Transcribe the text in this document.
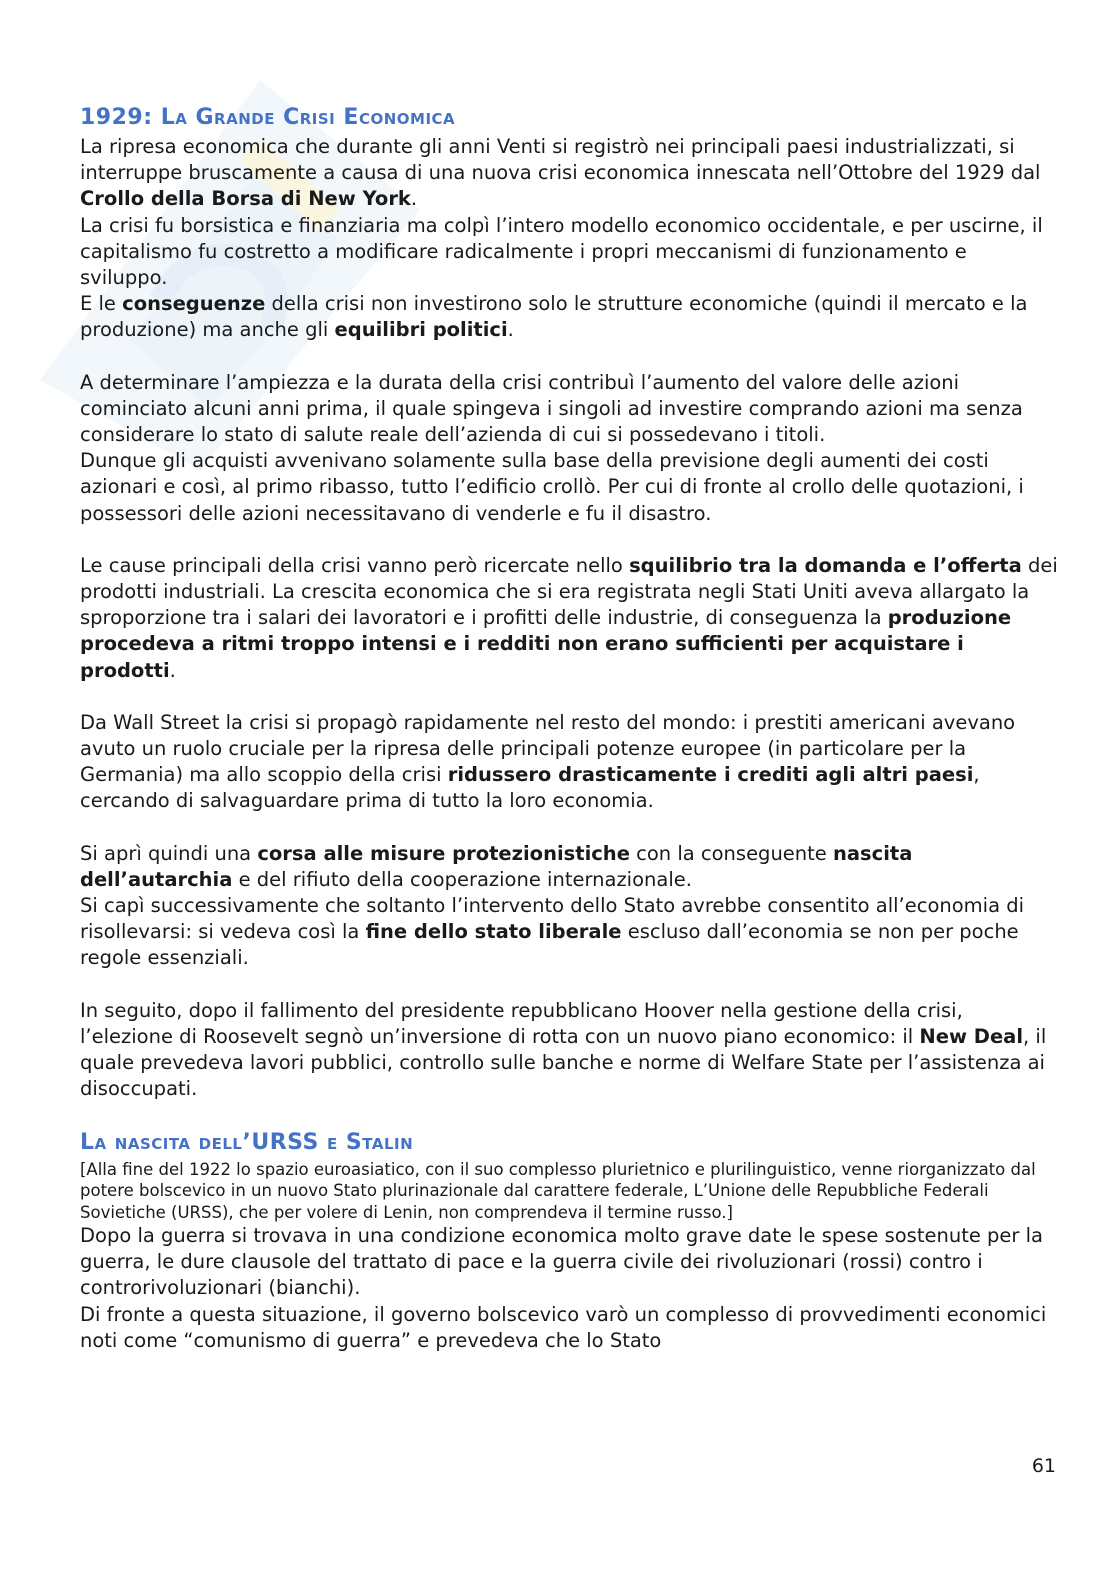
1929: La Grande Crisi Economica

La ripresa economica che durante gli anni Venti si registrò nei principali paesi industrializzati, si interruppe bruscamente a causa di una nuova crisi economica innescata nell’Ottobre del 1929 dal Crollo della Borsa di New York.

La crisi fu borsistica e finanziaria ma colpì l’intero modello economico occidentale, e per uscirne, il capitalismo fu costretto a modificare radicalmente i propri meccanismi di funzionamento e sviluppo.

E le conseguenze della crisi non investirono solo le strutture economiche (quindi il mercato e la produzione) ma anche gli equilibri politici.

A determinare l’ampiezza e la durata della crisi contribuì l’aumento del valore delle azioni cominciato alcuni anni prima, il quale spingeva i singoli ad investire comprando azioni ma senza considerare lo stato di salute reale dell’azienda di cui si possedevano i titoli.

Dunque gli acquisti avvenivano solamente sulla base della previsione degli aumenti dei costi azionari e così, al primo ribasso, tutto l’edificio crollò. Per cui di fronte al crollo delle quotazioni, i possessori delle azioni necessitavano di venderle e fu il disastro.

Le cause principali della crisi vanno però ricercate nello squilibrio tra la domanda e l’offerta dei prodotti industriali. La crescita economica che si era registrata negli Stati Uniti aveva allargato la sproporzione tra i salari dei lavoratori e i profitti delle industrie, di conseguenza la produzione procedeva a ritmi troppo intensi e i redditi non erano sufficienti per acquistare i prodotti.

Da Wall Street la crisi si propagò rapidamente nel resto del mondo: i prestiti americani avevano avuto un ruolo cruciale per la ripresa delle principali potenze europee (in particolare per la Germania) ma allo scoppio della crisi ridussero drasticamente i crediti agli altri paesi, cercando di salvaguardare prima di tutto la loro economia.

Si aprì quindi una corsa alle misure protezionistiche con la conseguente nascita dell’autarchia e del rifiuto della cooperazione internazionale.

Si capì successivamente che soltanto l’intervento dello Stato avrebbe consentito all’economia di risollevarsi: si vedeva così la fine dello stato liberale escluso dall’economia se non per poche regole essenziali.

In seguito, dopo il fallimento del presidente repubblicano Hoover nella gestione della crisi, l’elezione di Roosevelt segnò un’inversione di rotta con un nuovo piano economico: il New Deal, il quale prevedeva lavori pubblici, controllo sulle banche e norme di Welfare State per l’assistenza ai disoccupati.

La nascita dell’URSS e Stalin

[Alla fine del 1922 lo spazio euroasiatico, con il suo complesso plurietnico e plurilinguistico, venne riorganizzato dal potere bolscevico in un nuovo Stato plurinazionale dal carattere federale, L’Unione delle Repubbliche Federali Sovietiche (URSS), che per volere di Lenin, non comprendeva il termine russo.]

Dopo la guerra si trovava in una condizione economica molto grave date le spese sostenute per la guerra, le dure clausole del trattato di pace e la guerra civile dei rivoluzionari (rossi) contro i controrivoluzionari (bianchi).

Di fronte a questa situazione, il governo bolscevico varò un complesso di provvedimenti economici noti come “comunismo di guerra” e prevedeva che lo Stato

61
